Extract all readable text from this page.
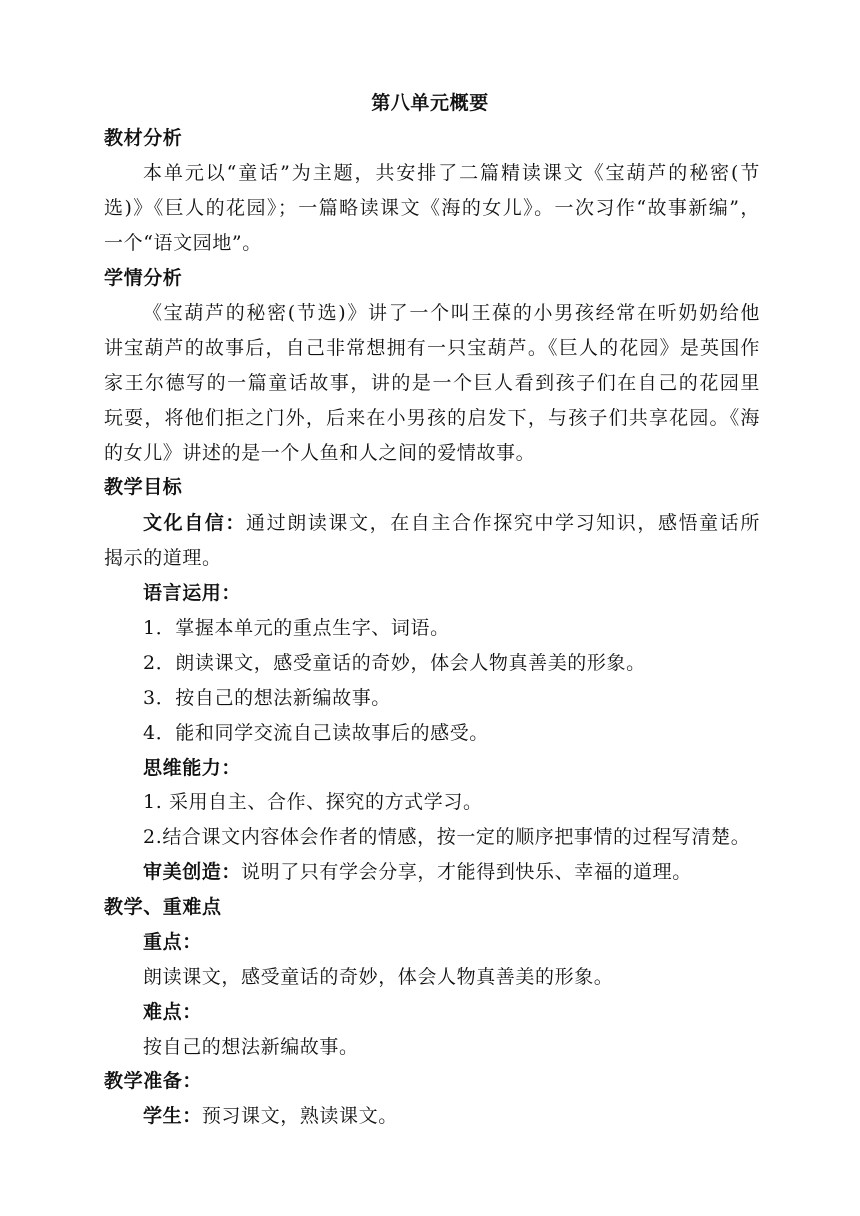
第八单元概要
教材分析
本单元以“童话”为主题，共安排了二篇精读课文《宝葫芦的秘密(节
选)》《巨人的花园》；一篇略读课文《海的女儿》。一次习作“故事新编”，
一个“语文园地”。
学情分析
《宝葫芦的秘密(节选)》讲了一个叫王葆的小男孩经常在听奶奶给他
讲宝葫芦的故事后，自己非常想拥有一只宝葫芦。《巨人的花园》是英国作
家王尔德写的一篇童话故事，讲的是一个巨人看到孩子们在自己的花园里
玩耍，将他们拒之门外，后来在小男孩的启发下，与孩子们共享花园。《海
的女儿》讲述的是一个人鱼和人之间的爱情故事。
教学目标
文化自信：通过朗读课文，在自主合作探究中学习知识，感悟童话所
揭示的道理。
语言运用：
1．掌握本单元的重点生字、词语。
2．朗读课文，感受童话的奇妙，体会人物真善美的形象。
3．按自己的想法新编故事。
4．能和同学交流自己读故事后的感受。
思维能力：
1. 采用自主、合作、探究的方式学习。
2.结合课文内容体会作者的情感，按一定的顺序把事情的过程写清楚。
审美创造：说明了只有学会分享，才能得到快乐、幸福的道理。
教学、重难点
重点：
朗读课文，感受童话的奇妙，体会人物真善美的形象。
难点：
按自己的想法新编故事。
教学准备：
学生：预习课文，熟读课文。
